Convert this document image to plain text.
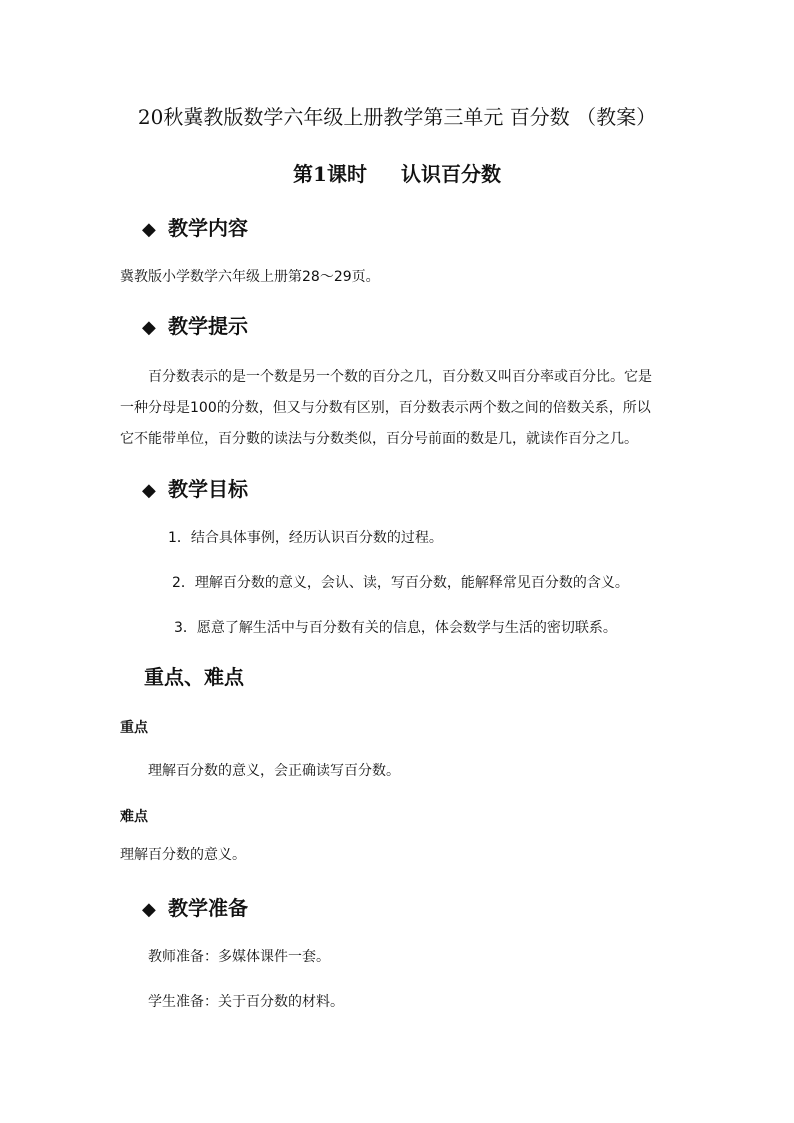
20秋冀教版数学六年级上册教学第三单元 百分数 （教案）
第1课时 认识百分数
◆ 教学内容
冀教版小学数学六年级上册第28～29页。
◆ 教学提示
百分数表示的是一个数是另一个数的百分之几，百分数又叫百分率或百分比。它是
一种分母是100的分数，但又与分数有区别，百分数表示两个数之间的倍数关系，所以
它不能带单位，百分數的读法与分数类似，百分号前面的数是几，就读作百分之几。
◆ 教学目标
1．结合具体事例，经历认识百分数的过程。
2．理解百分数的意义，会认、读，写百分数，能解释常见百分数的含义。
3．愿意了解生活中与百分数有关的信息，体会数学与生活的密切联系。
重点、难点
重点
理解百分数的意义，会正确读写百分数。
难点
理解百分数的意义。
◆ 教学准备
教师准备：多媒体课件一套。
学生准备：关于百分数的材料。
